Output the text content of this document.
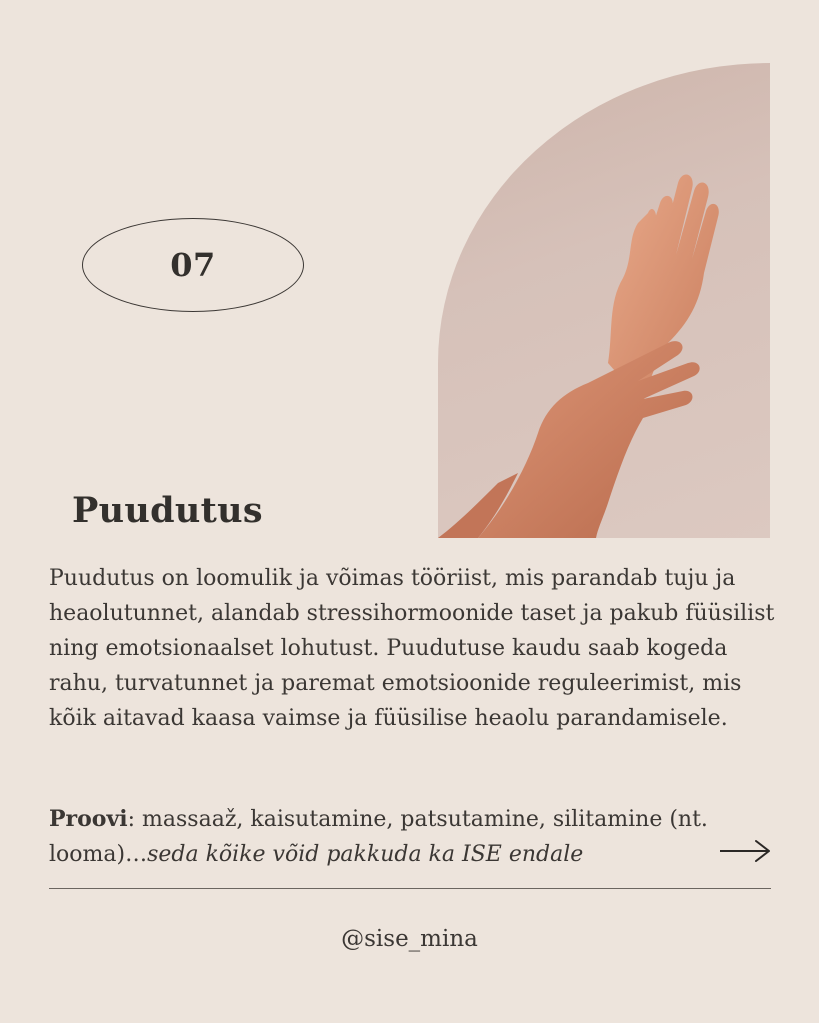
07
Puudutus

Puudutus on loomulik ja võimas tööriist, mis parandab tuju ja heaolutunnet, alandab stressihormoonide taset ja pakub füüsilist ning emotsionaalset lohutust. Puudutuse kaudu saab kogeda rahu, turvatunnet ja paremat emotsioonide reguleerimist, mis kõik aitavad kaasa vaimse ja füüsilise heaolu parandamisele.

Proovi: massaaž, kaisutamine, patsutamine, silitamine (nt. looma)…seda kõike võid pakkuda ka ISE endale

@sise_mina
